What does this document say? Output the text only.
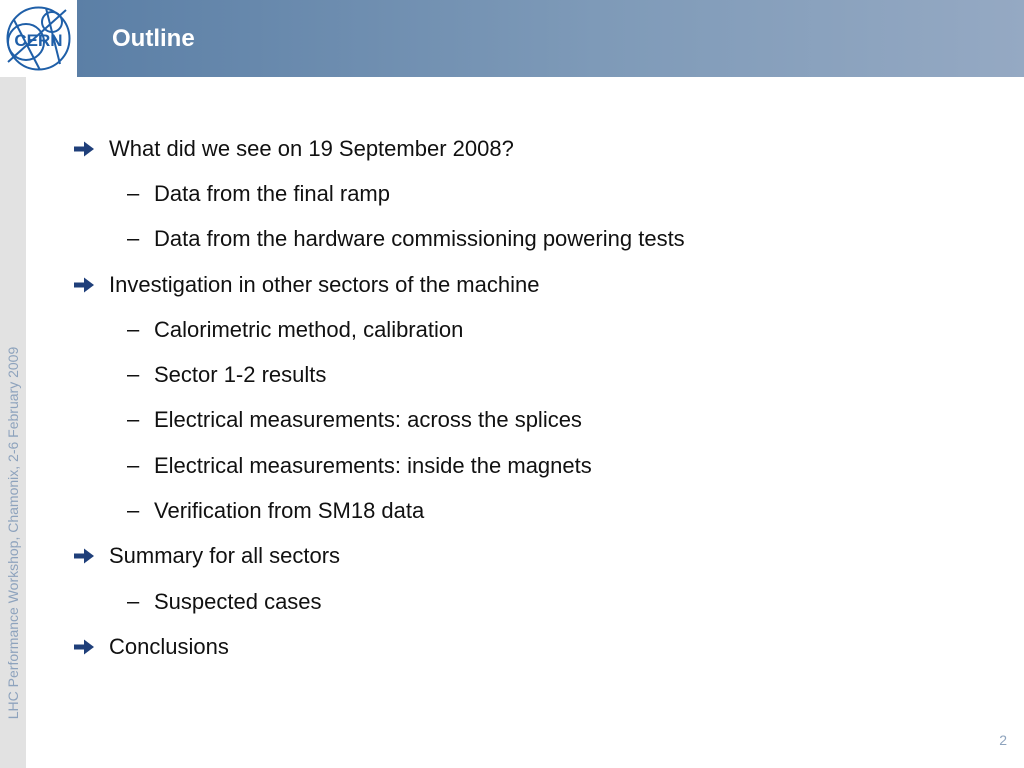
CERN Outline
LHC Performance Workshop, Chamonix, 2-6 February 2009
What did we see on 19 September 2008?
– Data from the final ramp
– Data from the hardware commissioning powering tests
Investigation in other sectors of the machine
– Calorimetric method, calibration
– Sector 1-2 results
– Electrical measurements: across the splices
– Electrical measurements: inside the magnets
– Verification from SM18 data
Summary for all sectors
– Suspected cases
Conclusions
2
